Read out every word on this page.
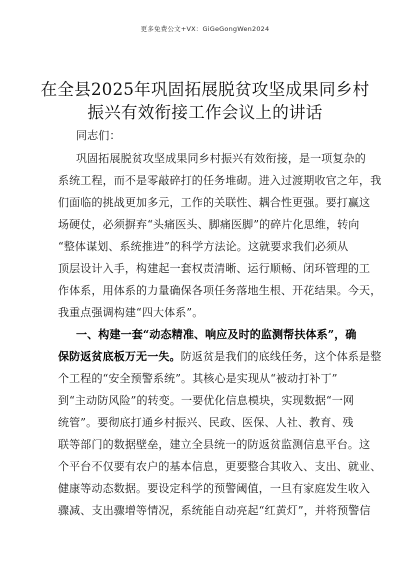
更多免费公文+VX：GiGeGongWen2024
在全县2025年巩固拓展脱贫攻坚成果同乡村
振兴有效衔接工作会议上的讲话
同志们：
巩固拓展脱贫攻坚成果同乡村振兴有效衔接，是一项复杂的
系统工程，而不是零敲碎打的任务堆砌。进入过渡期收官之年，我
们面临的挑战更加多元，工作的关联性、耦合性更强。要打赢这
场硬仗，必须摒弃“头痛医头、脚痛医脚”的碎片化思维，转向
“整体谋划、系统推进”的科学方法论。这就要求我们必须从
顶层设计入手，构建起一套权责清晰、运行顺畅、闭环管理的工
作体系，用体系的力量确保各项任务落地生根、开花结果。今天，
我重点强调构建“四大体系”。
一、构建一套“动态精准、响应及时的监测帮扶体系”，确
保防返贫底板万无一失。防返贫是我们的底线任务，这个体系是整
个工程的“安全预警系统”。其核心是实现从“被动打补丁”
到“主动防风险”的转变。一要优化信息模块，实现数据“一网
统管”。要彻底打通乡村振兴、民政、医保、人社、教育、残
联等部门的数据壁垒，建立全县统一的防返贫监测信息平台。这
个平台不仅要有农户的基本信息，更要整合其收入、支出、就业、
健康等动态数据。要设定科学的预警阈值，一旦有家庭发生收入
骤减、支出骤增等情况，系统能自动亮起“红黄灯”，并将预警信
